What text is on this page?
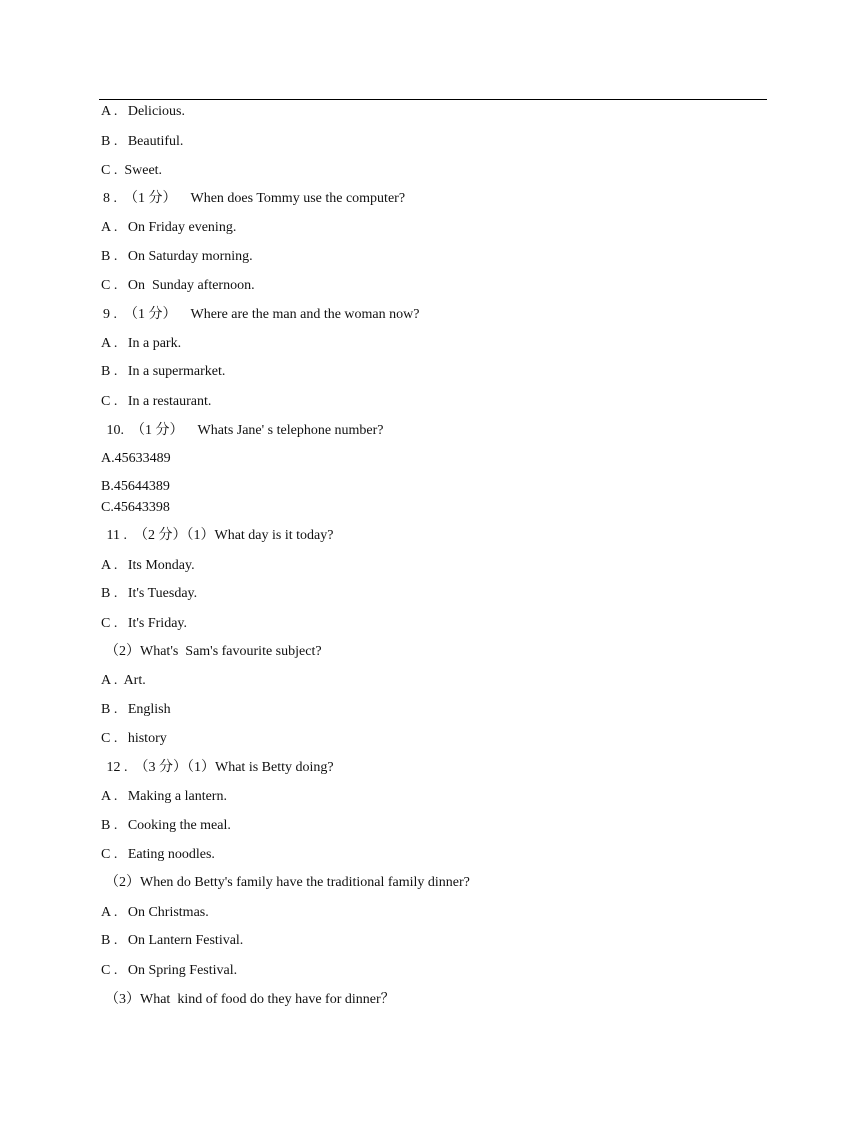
A .   Delicious.
B .   Beautiful.
C .  Sweet.
8 .  （1 分）    When does Tommy use the computer?
A .   On Friday evening.
B .   On Saturday morning.
C .   On  Sunday afternoon.
9 .  （1 分）    Where are the man and the woman now?
A .   In a park.
B .   In a supermarket.
C .   In a restaurant.
10.  （1 分）    Whats Jane' s telephone number?
A.45633489
B.45644389
C.45643398
11 .  （2 分）（1）What day is it today?
A .   Its Monday.
B .   It's Tuesday.
C .   It's Friday.
（2）What's  Sam's favourite subject?
A .  Art.
B .   English
C .   history
12 .  （3 分）（1）What is Betty doing?
A .   Making a lantern.
B .   Cooking the meal.
C .   Eating noodles.
（2）When do Betty's family have the traditional family dinner?
A .   On Christmas.
B .   On Lantern Festival.
C .   On Spring Festival.
（3）What  kind of food do they have for dinner？
